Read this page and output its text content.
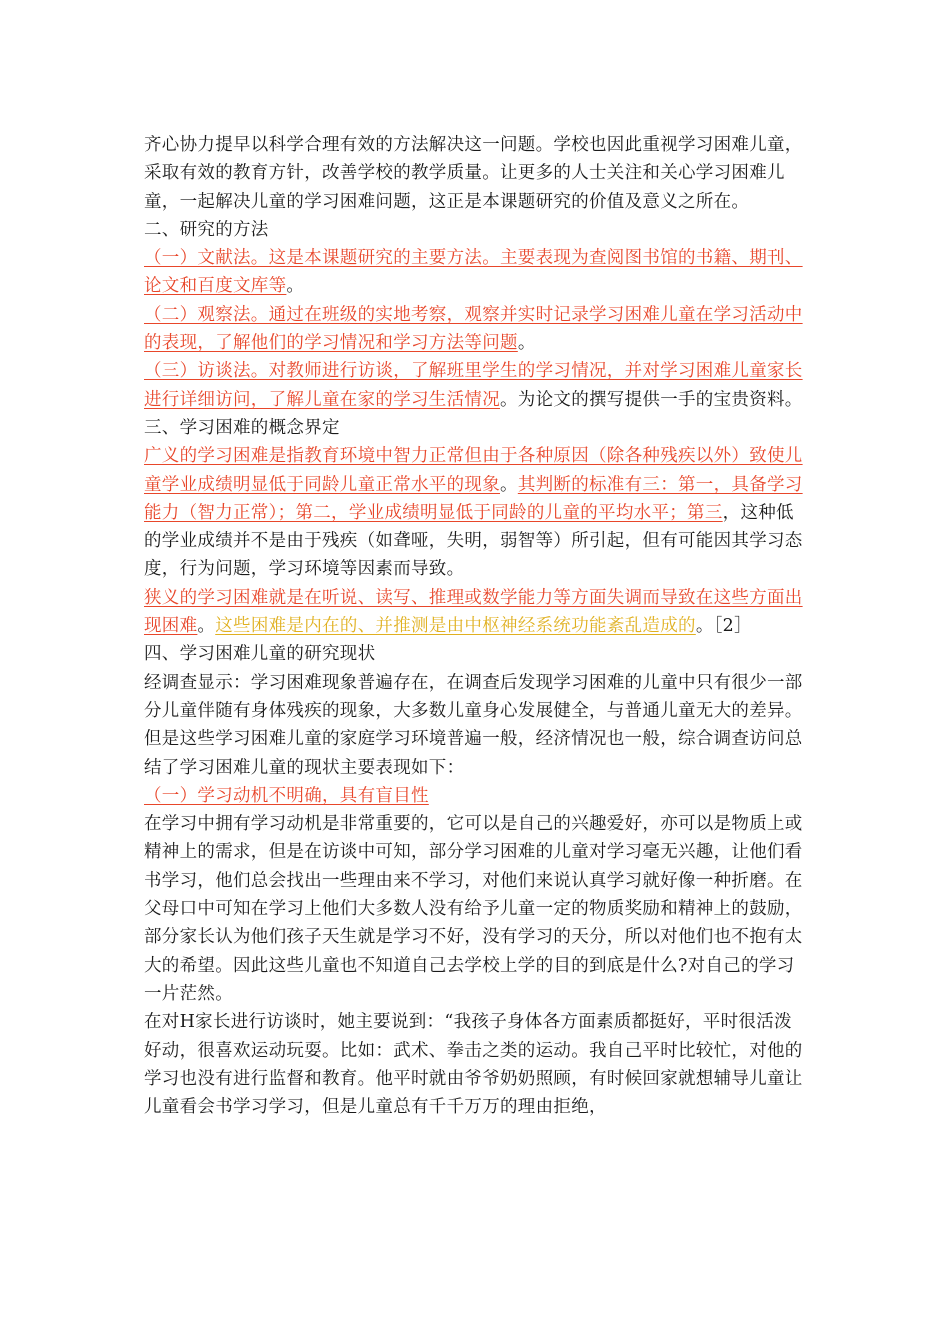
齐心协力提早以科学合理有效的方法解决这一问题。学校也因此重视学习困难儿童，采取有效的教育方针，改善学校的教学质量。让更多的人士关注和关心学习困难儿童，一起解决儿童的学习困难问题，这正是本课题研究的价值及意义之所在。

二、研究的方法

（一）文献法。这是本课题研究的主要方法。主要表现为查阅图书馆的书籍、期刊、论文和百度文库等。

（二）观察法。通过在班级的实地考察，观察并实时记录学习困难儿童在学习活动中的表现，了解他们的学习情况和学习方法等问题。

（三）访谈法。对教师进行访谈，了解班里学生的学习情况，并对学习困难儿童家长进行详细访问，了解儿童在家的学习生活情况。为论文的撰写提供一手的宝贵资料。

三、学习困难的概念界定

广义的学习困难是指教育环境中智力正常但由于各种原因（除各种残疾以外）致使儿童学业成绩明显低于同龄儿童正常水平的现象。其判断的标准有三：第一，具备学习能力（智力正常）；第二，学业成绩明显低于同龄的儿童的平均水平；第三，这种低的学业成绩并不是由于残疾（如聋哑，失明，弱智等）所引起，但有可能因其学习态度，行为问题，学习环境等因素而导致。

狭义的学习困难就是在听说、读写、推理或数学能力等方面失调而导致在这些方面出现困难。这些困难是内在的、并推测是由中枢神经系统功能紊乱造成的。［2］

四、学习困难儿童的研究现状

经调查显示：学习困难现象普遍存在，在调查后发现学习困难的儿童中只有很少一部分儿童伴随有身体残疾的现象，大多数儿童身心发展健全，与普通儿童无大的差异。但是这些学习困难儿童的家庭学习环境普遍一般，经济情况也一般，综合调查访问总结了学习困难儿童的现状主要表现如下：

（一）学习动机不明确，具有盲目性

在学习中拥有学习动机是非常重要的，它可以是自己的兴趣爱好，亦可以是物质上或精神上的需求，但是在访谈中可知，部分学习困难的儿童对学习毫无兴趣，让他们看书学习，他们总会找出一些理由来不学习，对他们来说认真学习就好像一种折磨。在父母口中可知在学习上他们大多数人没有给予儿童一定的物质奖励和精神上的鼓励，部分家长认为他们孩子天生就是学习不好，没有学习的天分，所以对他们也不抱有太大的希望。因此这些儿童也不知道自己去学校上学的目的到底是什么?对自己的学习一片茫然。

在对H家长进行访谈时，她主要说到：“我孩子身体各方面素质都挺好，平时很活泼好动，很喜欢运动玩耍。比如：武术、拳击之类的运动。我自己平时比较忙，对他的学习也没有进行监督和教育。他平时就由爷爷奶奶照顾，有时候回家就想辅导儿童让儿童看会书学习学习，但是儿童总有千千万万的理由拒绝，
